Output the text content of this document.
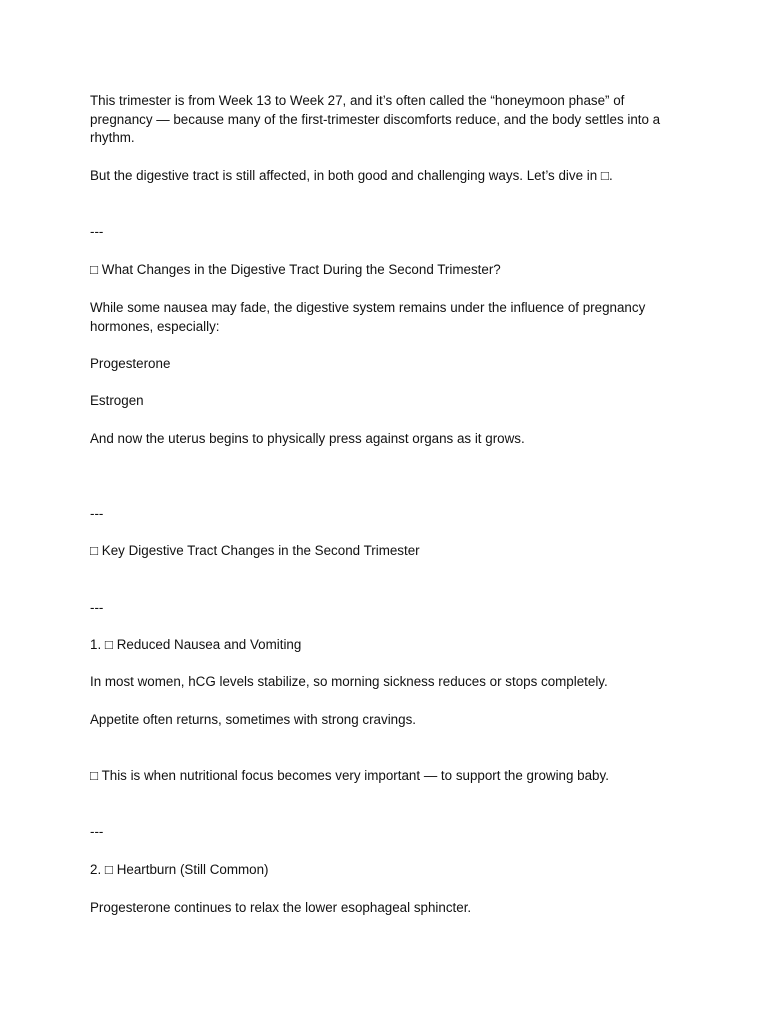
This trimester is from Week 13 to Week 27, and it’s often called the “honeymoon phase” of pregnancy — because many of the first-trimester discomforts reduce, and the body settles into a rhythm.

But the digestive tract is still affected, in both good and challenging ways. Let’s dive in □.

---

□ What Changes in the Digestive Tract During the Second Trimester?

While some nausea may fade, the digestive system remains under the influence of pregnancy hormones, especially:

Progesterone

Estrogen

And now the uterus begins to physically press against organs as it grows.

---

□ Key Digestive Tract Changes in the Second Trimester

---

1. □ Reduced Nausea and Vomiting

In most women, hCG levels stabilize, so morning sickness reduces or stops completely.

Appetite often returns, sometimes with strong cravings.

□ This is when nutritional focus becomes very important — to support the growing baby.

---

2. □ Heartburn (Still Common)

Progesterone continues to relax the lower esophageal sphincter.
